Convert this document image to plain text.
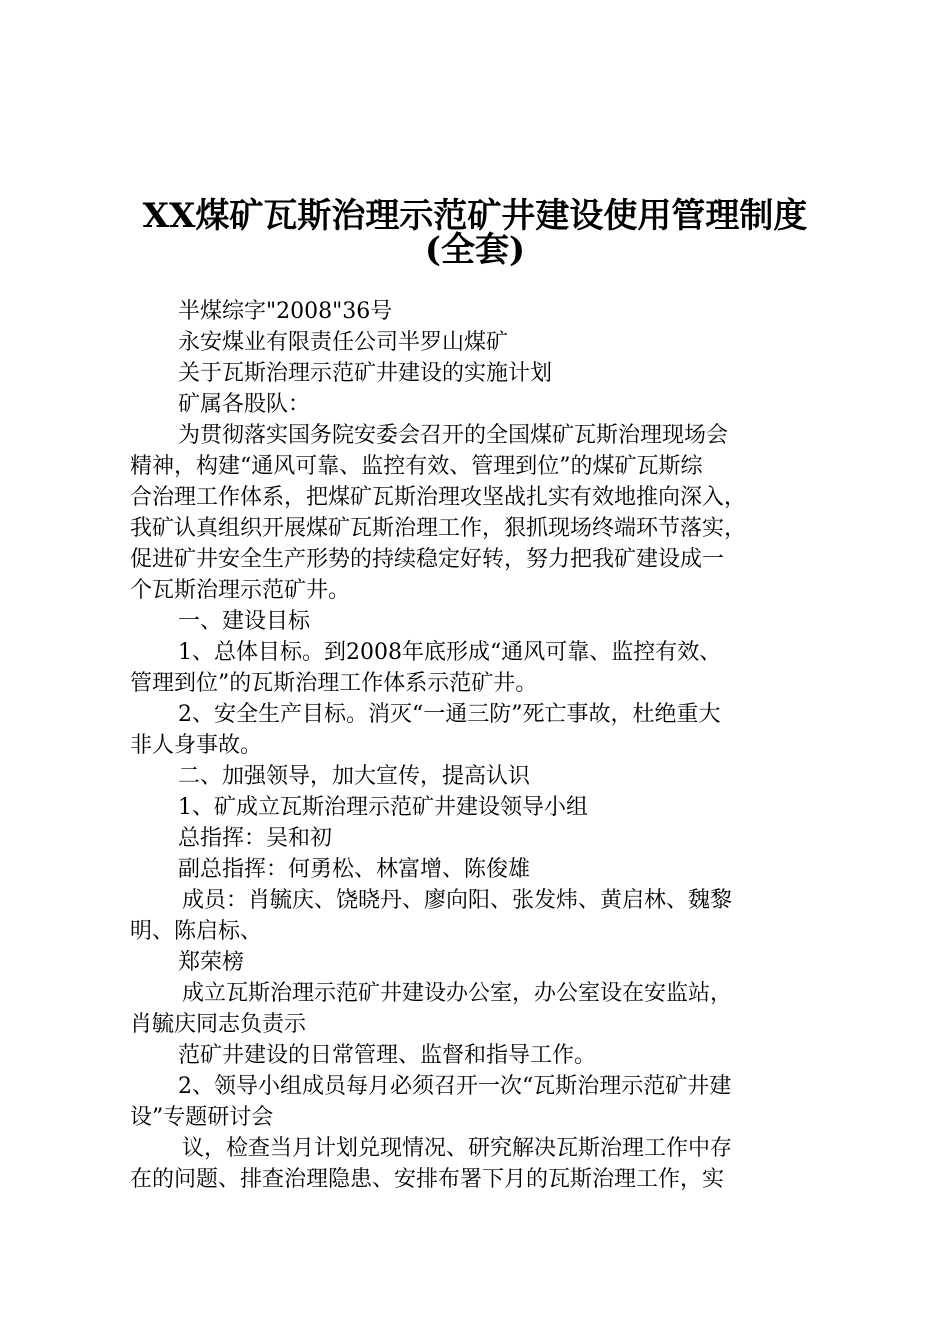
XX煤矿瓦斯治理示范矿井建设使用管理制度
(全套)
半煤综字"2008"36号
永安煤业有限责任公司半罗山煤矿
关于瓦斯治理示范矿井建设的实施计划
矿属各股队：
为贯彻落实国务院安委会召开的全国煤矿瓦斯治理现场会
精神，构建“通风可靠、监控有效、管理到位”的煤矿瓦斯综
合治理工作体系，把煤矿瓦斯治理攻坚战扎实有效地推向深入，
我矿认真组织开展煤矿瓦斯治理工作，狠抓现场终端环节落实，
促进矿井安全生产形势的持续稳定好转，努力把我矿建设成一
个瓦斯治理示范矿井。
一、建设目标
1、总体目标。到2008年底形成“通风可靠、监控有效、
管理到位”的瓦斯治理工作体系示范矿井。
2、安全生产目标。消灭“一通三防”死亡事故，杜绝重大
非人身事故。
二、加强领导，加大宣传，提高认识
1、矿成立瓦斯治理示范矿井建设领导小组
总指挥：吴和初
副总指挥：何勇松、林富增、陈俊雄
成员：肖毓庆、饶晓丹、廖向阳、张发炜、黄启林、魏黎
明、陈启标、
郑荣榜
成立瓦斯治理示范矿井建设办公室，办公室设在安监站，
肖毓庆同志负责示
范矿井建设的日常管理、监督和指导工作。
2、领导小组成员每月必须召开一次“瓦斯治理示范矿井建
设”专题研讨会
议，检查当月计划兑现情况、研究解决瓦斯治理工作中存
在的问题、排查治理隐患、安排布署下月的瓦斯治理工作，实
